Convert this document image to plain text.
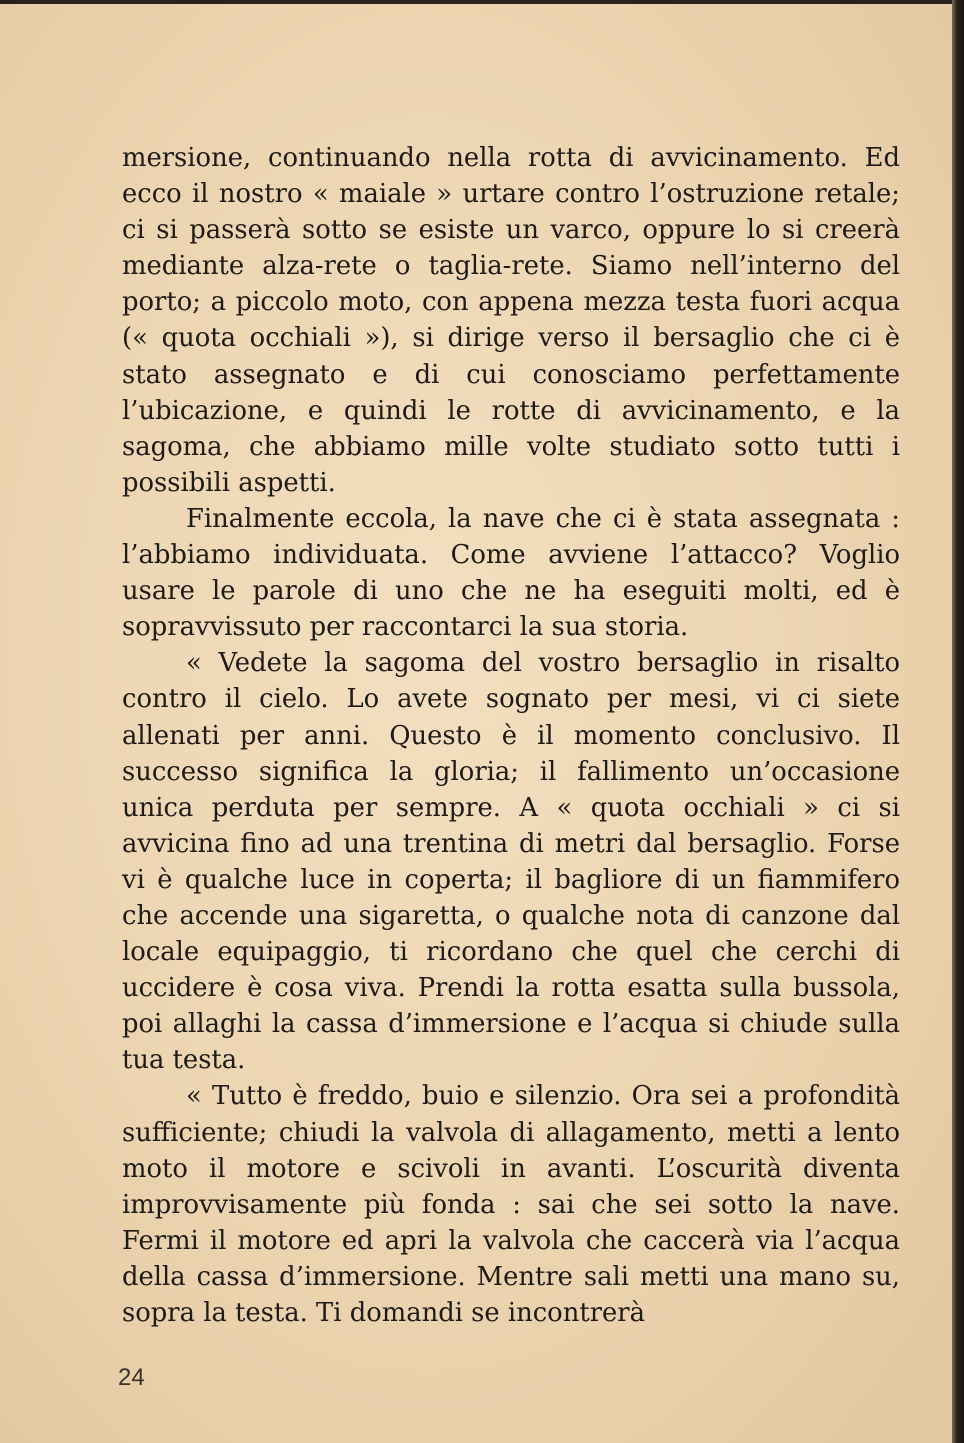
mersione, continuando nella rotta di avvicinamento. Ed ecco il nostro « maiale » urtare contro l’ostruzione retale; ci si passerà sotto se esiste un varco, oppure lo si creerà mediante alza-rete o taglia-rete. Siamo nell’interno del porto; a piccolo moto, con appena mezza testa fuori acqua (« quota occhiali »), si dirige verso il bersaglio che ci è stato assegnato e di cui conosciamo perfettamente l’ubicazione, e quindi le rotte di avvicinamento, e la sagoma, che abbiamo mille volte studiato sotto tutti i possibili aspetti.

Finalmente eccola, la nave che ci è stata assegnata : l’abbiamo individuata. Come avviene l’attacco? Voglio usare le parole di uno che ne ha eseguiti molti, ed è sopravvissuto per raccontarci la sua storia.

« Vedete la sagoma del vostro bersaglio in risalto contro il cielo. Lo avete sognato per mesi, vi ci siete allenati per anni. Questo è il momento conclusivo. Il successo significa la gloria; il fallimento un’occasione unica perduta per sempre. A « quota occhiali » ci si avvicina fino ad una trentina di metri dal bersaglio. Forse vi è qualche luce in coperta; il bagliore di un fiammifero che accende una sigaretta, o qualche nota di canzone dal locale equipaggio, ti ricordano che quel che cerchi di uccidere è cosa viva. Prendi la rotta esatta sulla bussola, poi allaghi la cassa d’immersione e l’acqua si chiude sulla tua testa.

« Tutto è freddo, buio e silenzio. Ora sei a profondità sufficiente; chiudi la valvola di allagamento, metti a lento moto il motore e scivoli in avanti. L’oscurità diventa improvvisamente più fonda : sai che sei sotto la nave. Fermi il motore ed apri la valvola che caccerà via l’acqua della cassa d’immersione. Mentre sali metti una mano su, sopra la testa. Ti domandi se incontrerà

24
